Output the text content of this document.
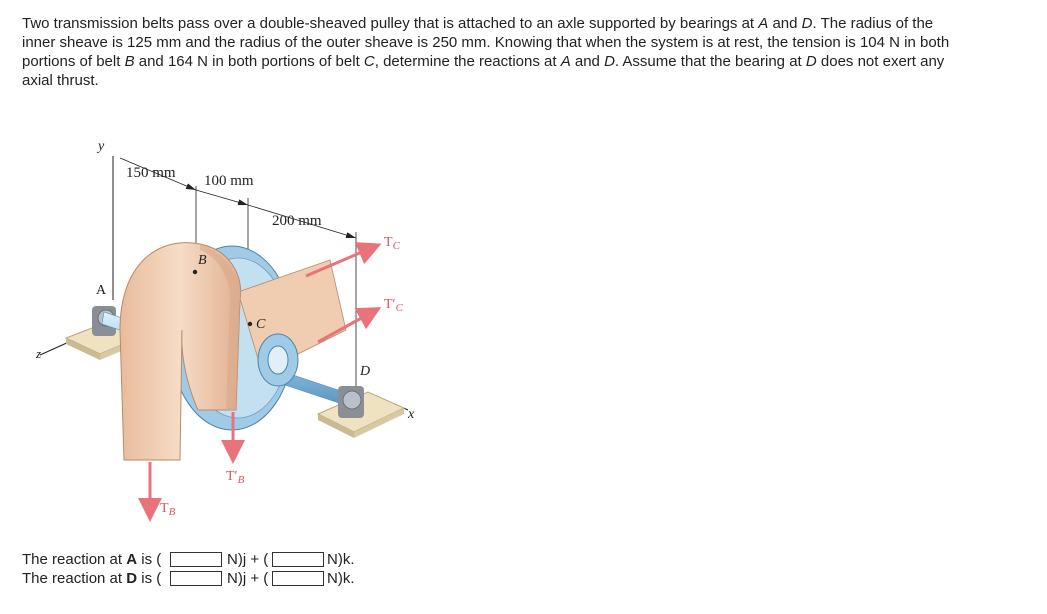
Two transmission belts pass over a double-sheaved pulley that is attached to an axle supported by bearings at A and D. The radius of the inner sheave is 125 mm and the radius of the outer sheave is 250 mm. Knowing that when the system is at rest, the tension is 104 N in both portions of belt B and 164 N in both portions of belt C, determine the reactions at A and D. Assume that the bearing at D does not exert any axial thrust.
y
z
x
150 mm 100 mm
200 mm
A
D
B
C
$T_C$
$T'_C$
$T_B$
$T'_B$
The reaction at A is (	N)j + (	N)k.
The reaction at D is (	N)j + (	N)k.
